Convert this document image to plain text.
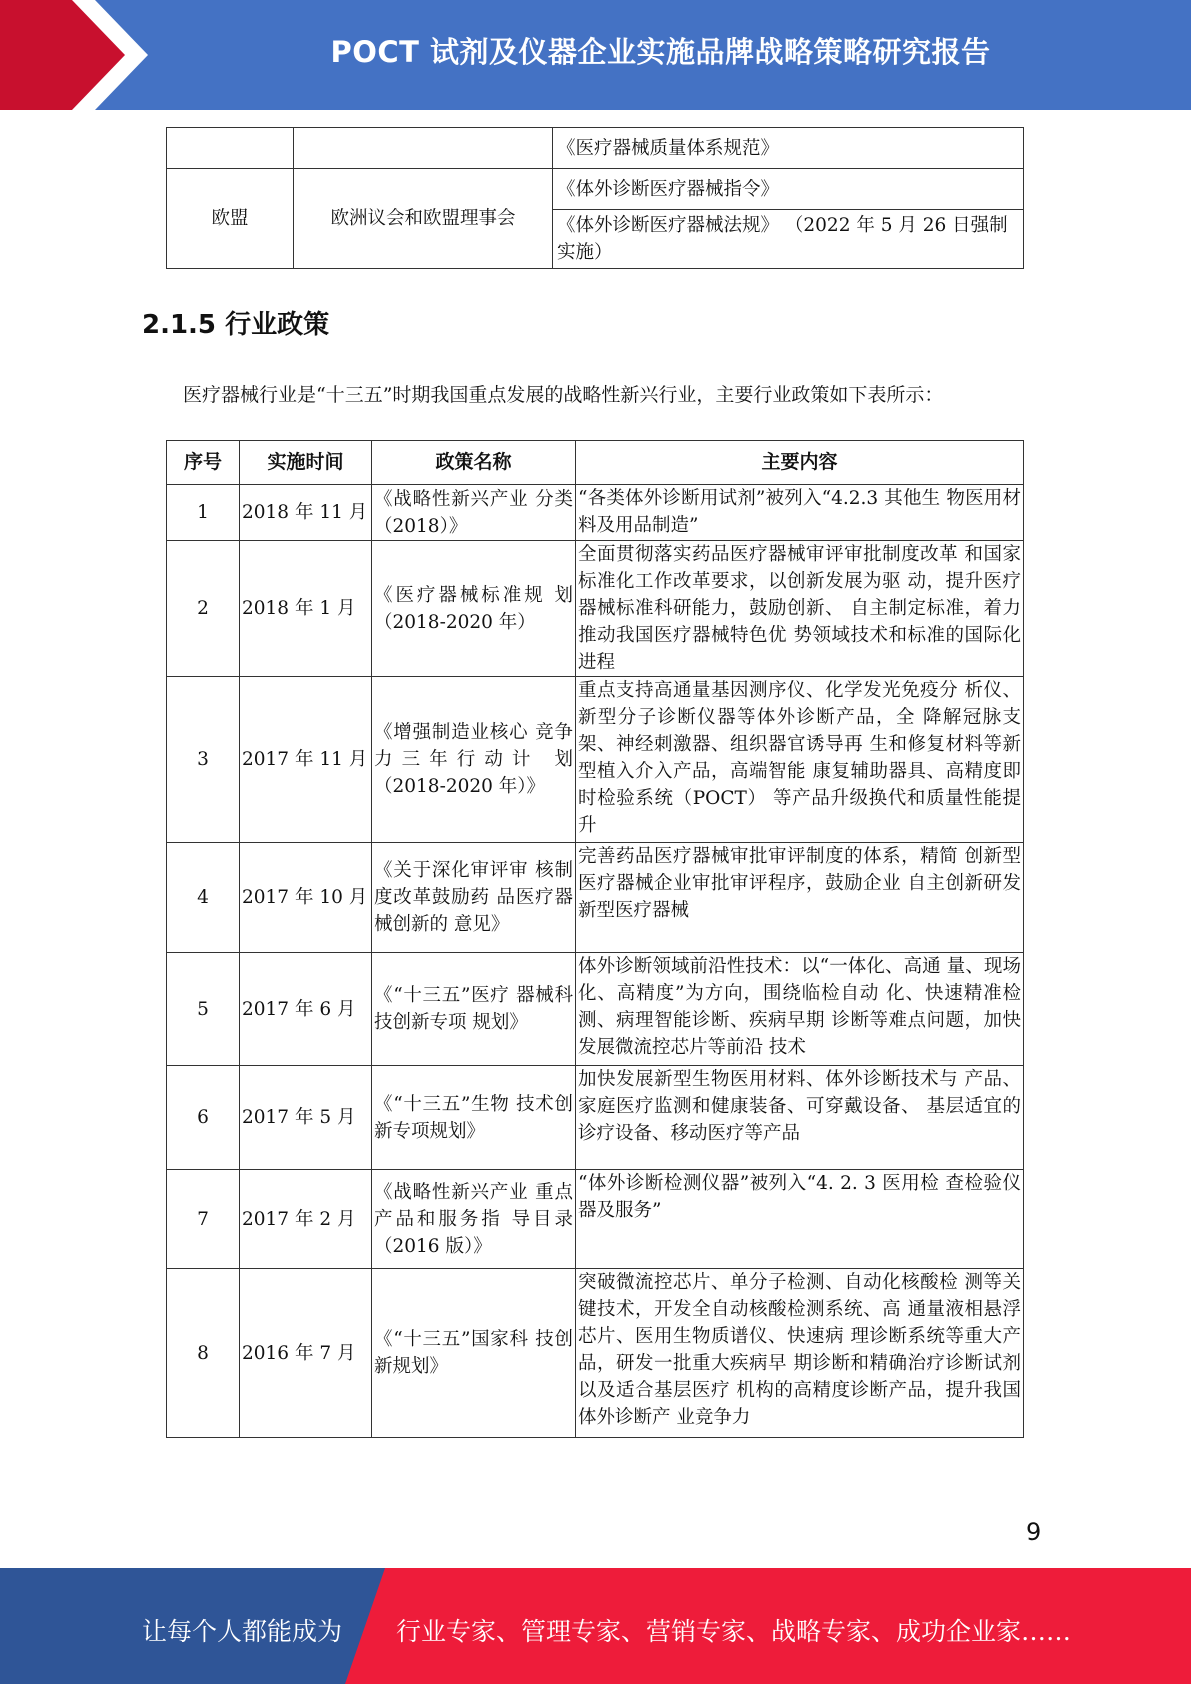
POCT 试剂及仪器企业实施品牌战略策略研究报告
		《医疗器械质量体系规范》
欧盟	欧洲议会和欧盟理事会	《体外诊断医疗器械指令》
		《体外诊断医疗器械法规》 （2022 年 5 月 26 日强制实施）
2.1.5 行业政策
医疗器械行业是“十三五”时期我国重点发展的战略性新兴行业，主要行业政策如下表所示：
序号	实施时间	政策名称	主要内容
1	2018 年 11 月	《战略性新兴产业 分类（2018）》	“各类体外诊断用试剂”被列入“4.2.3 其他生 物医用材料及用品制造”
2	2018 年 1 月	《医疗器械标准规 划（2018-2020 年）	全面贯彻落实药品医疗器械审评审批制度改革 和国家标准化工作改革要求，以创新发展为驱 动，提升医疗器械标准科研能力，鼓励创新、 自主制定标准，着力推动我国医疗器械特色优 势领域技术和标准的国际化进程
3	2017 年 11 月	《增强制造业核心 竞争力三年行动计 划（2018-2020 年）》	重点支持高通量基因测序仪、化学发光免疫分 析仪、新型分子诊断仪器等体外诊断产品，全 降解冠脉支架、神经刺激器、组织器官诱导再 生和修复材料等新型植入介入产品，高端智能 康复辅助器具、高精度即时检验系统（POCT） 等产品升级换代和质量性能提升
4	2017 年 10 月	《关于深化审评审 核制度改革鼓励药 品医疗器械创新的 意见》	完善药品医疗器械审批审评制度的体系，精简 创新型医疗器械企业审批审评程序，鼓励企业 自主创新研发新型医疗器械
5	2017 年 6 月	《“十三五”医疗 器械科技创新专项 规划》	体外诊断领域前沿性技术：以“一体化、高通 量、现场化、高精度”为方向，围绕临检自动 化、快速精准检测、病理智能诊断、疾病早期 诊断等难点问题，加快发展微流控芯片等前沿 技术
6	2017 年 5 月	《“十三五”生物 技术创新专项规划》	加快发展新型生物医用材料、体外诊断技术与 产品、家庭医疗监测和健康装备、可穿戴设备、 基层适宜的诊疗设备、移动医疗等产品
7	2017 年 2 月	《战略性新兴产业 重点产品和服务指 导目录（2016 版）》	“体外诊断检测仪器”被列入“4. 2. 3 医用检 查检验仪器及服务”
8	2016 年 7 月	《“十三五”国家科 技创新规划》	突破微流控芯片、单分子检测、自动化核酸检 测等关键技术，开发全自动核酸检测系统、高 通量液相悬浮芯片、医用生物质谱仪、快速病 理诊断系统等重大产品，研发一批重大疾病早 期诊断和精确治疗诊断试剂以及适合基层医疗 机构的高精度诊断产品，提升我国体外诊断产 业竞争力
9
让每个人都能成为 行业专家、管理专家、营销专家、战略专家、成功企业家……
